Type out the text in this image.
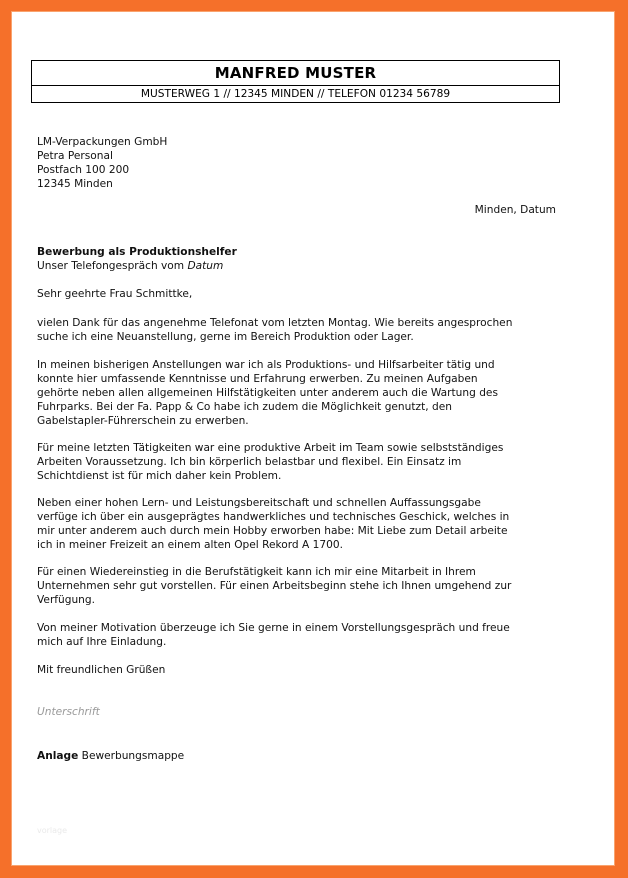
MANFRED MUSTER
MUSTERWEG 1 // 12345 MINDEN // TELEFON 01234 56789
LM-Verpackungen GmbH
Petra Personal
Postfach 100 200
12345 Minden
Minden, Datum
Bewerbung als Produktionshelfer
Unser Telefongespräch vom Datum
Sehr geehrte Frau Schmittke,
vielen Dank für das angenehme Telefonat vom letzten Montag. Wie bereits angesprochen
suche ich eine Neuanstellung, gerne im Bereich Produktion oder Lager.
In meinen bisherigen Anstellungen war ich als Produktions- und Hilfsarbeiter tätig und
konnte hier umfassende Kenntnisse und Erfahrung erwerben. Zu meinen Aufgaben
gehörte neben allen allgemeinen Hilfstätigkeiten unter anderem auch die Wartung des
Fuhrparks. Bei der Fa. Papp & Co habe ich zudem die Möglichkeit genutzt, den
Gabelstapler-Führerschein zu erwerben.
Für meine letzten Tätigkeiten war eine produktive Arbeit im Team sowie selbstständiges
Arbeiten Voraussetzung. Ich bin körperlich belastbar und flexibel. Ein Einsatz im
Schichtdienst ist für mich daher kein Problem.
Neben einer hohen Lern- und Leistungsbereitschaft und schnellen Auffassungsgabe
verfüge ich über ein ausgeprägtes handwerkliches und technisches Geschick, welches in
mir unter anderem auch durch mein Hobby erworben habe: Mit Liebe zum Detail arbeite
ich in meiner Freizeit an einem alten Opel Rekord A 1700.
Für einen Wiedereinstieg in die Berufstätigkeit kann ich mir eine Mitarbeit in Ihrem
Unternehmen sehr gut vorstellen. Für einen Arbeitsbeginn stehe ich Ihnen umgehend zur
Verfügung.
Von meiner Motivation überzeuge ich Sie gerne in einem Vorstellungsgespräch und freue
mich auf Ihre Einladung.
Mit freundlichen Grüßen
Unterschrift
Anlage Bewerbungsmappe
vorlage
